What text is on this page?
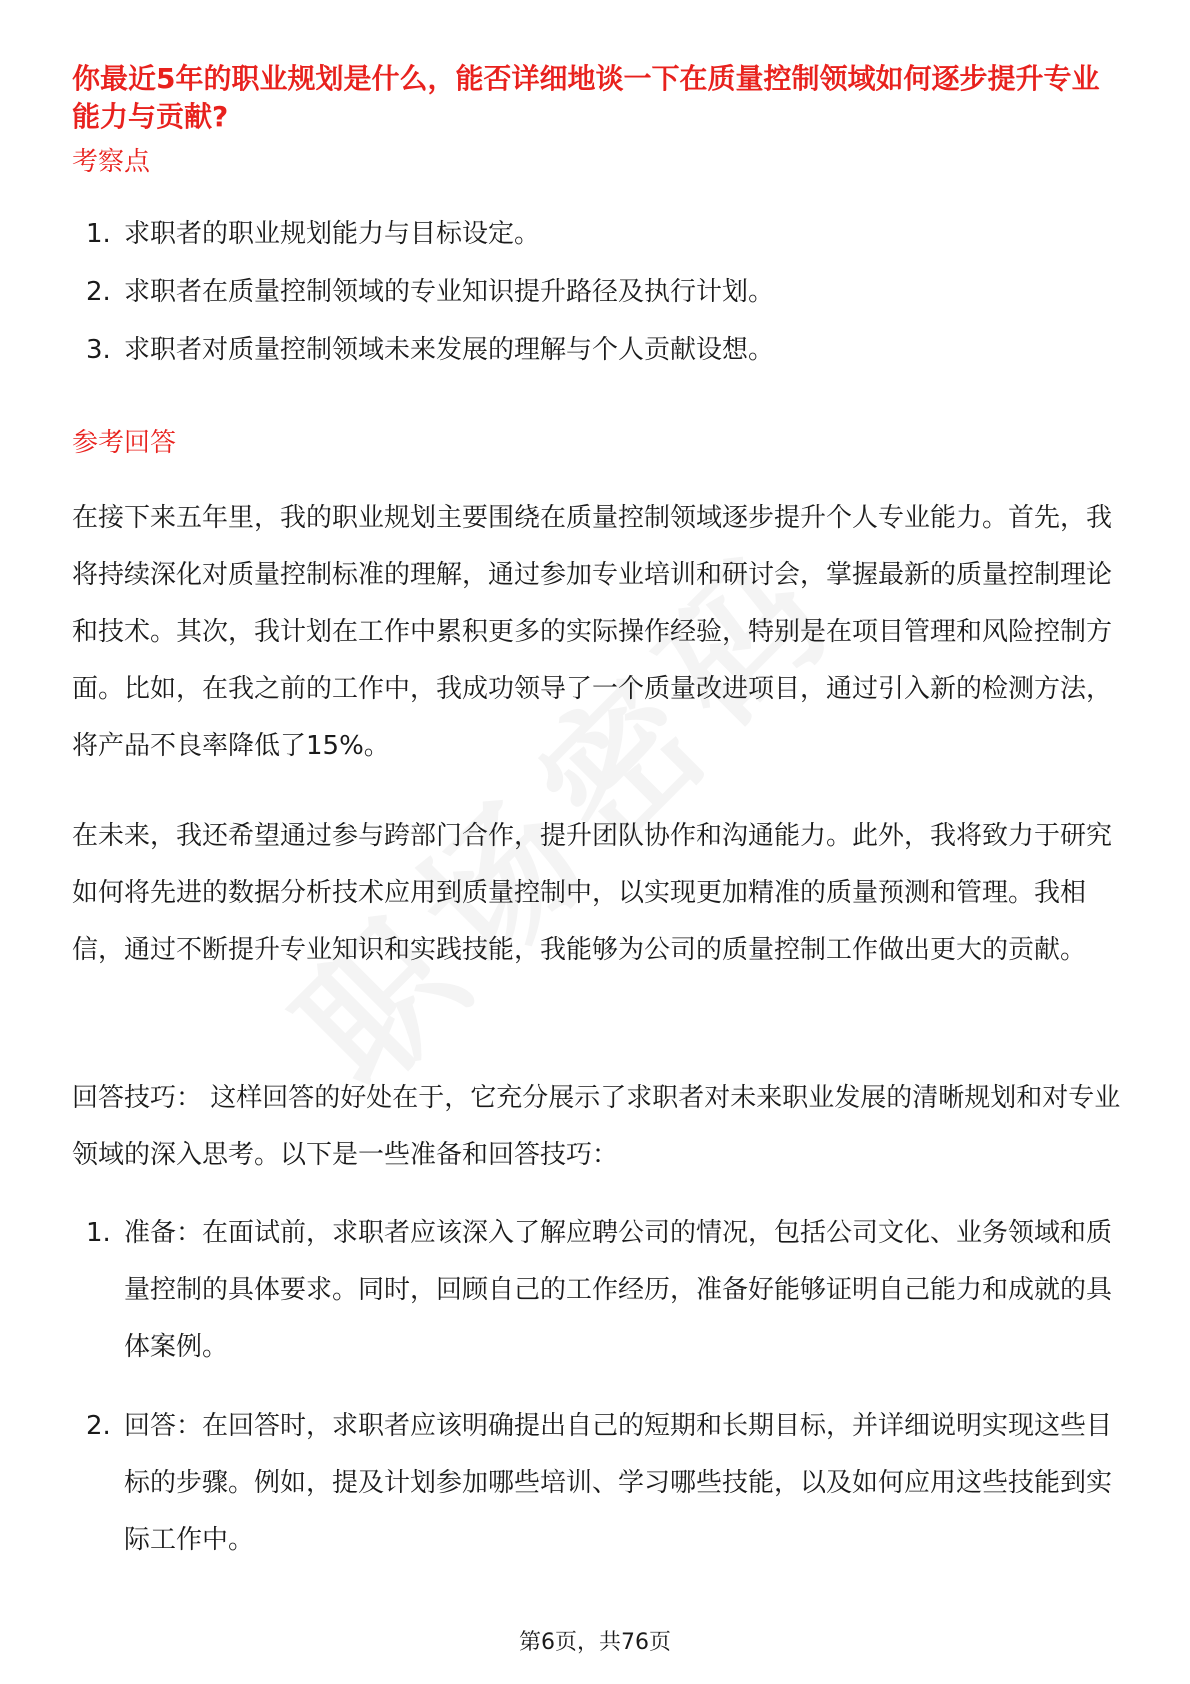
你最近5年的职业规划是什么，能否详细地谈一下在质量控制领域如何逐步提升专业能力与贡献?
考察点
1. 求职者的职业规划能力与目标设定。
2. 求职者在质量控制领域的专业知识提升路径及执行计划。
3. 求职者对质量控制领域未来发展的理解与个人贡献设想。
参考回答

在接下来五年里，我的职业规划主要围绕在质量控制领域逐步提升个人专业能力。首先，我将持续深化对质量控制标准的理解，通过参加专业培训和研讨会，掌握最新的质量控制理论和技术。其次，我计划在工作中累积更多的实际操作经验，特别是在项目管理和风险控制方面。比如，在我之前的工作中，我成功领导了一个质量改进项目，通过引入新的检测方法，将产品不良率降低了15%。

在未来，我还希望通过参与跨部门合作，提升团队协作和沟通能力。此外，我将致力于研究如何将先进的数据分析技术应用到质量控制中，以实现更加精准的质量预测和管理。我相信，通过不断提升专业知识和实践技能，我能够为公司的质量控制工作做出更大的贡献。

回答技巧： 这样回答的好处在于，它充分展示了求职者对未来职业发展的清晰规划和对专业领域的深入思考。以下是一些准备和回答技巧：

1. 准备：在面试前，求职者应该深入了解应聘公司的情况，包括公司文化、业务领域和质量控制的具体要求。同时，回顾自己的工作经历，准备好能够证明自己能力和成就的具体案例。
2. 回答：在回答时，求职者应该明确提出自己的短期和长期目标，并详细说明实现这些目标的步骤。例如，提及计划参加哪些培训、学习哪些技能，以及如何应用这些技能到实际工作中。
第6页，共76页
